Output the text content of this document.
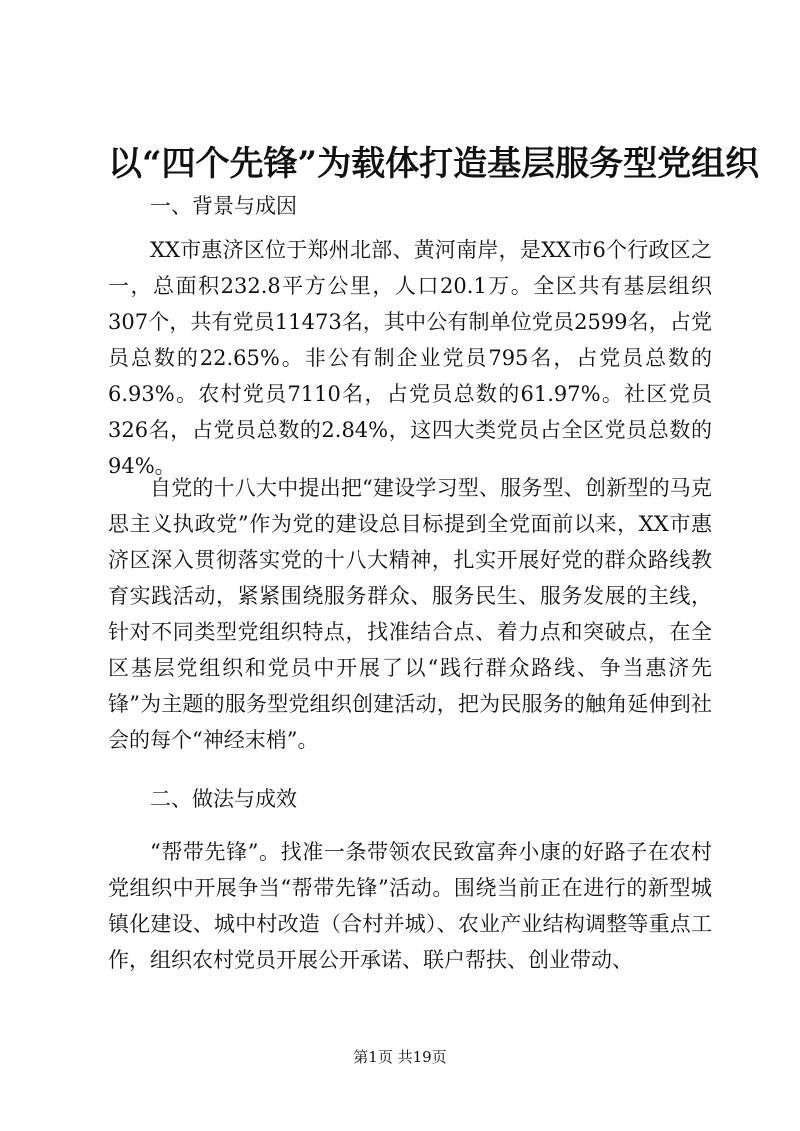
以“四个先锋”为载体打造基层服务型党组织

一、背景与成因

XX市惠济区位于郑州北部、黄河南岸，是XX市6个行政区之一，总面积232.8平方公里，人口20.1万。全区共有基层组织307个，共有党员11473名，其中公有制单位党员2599名，占党员总数的22.65%。非公有制企业党员795名，占党员总数的6.93%。农村党员7110名，占党员总数的61.97%。社区党员326名，占党员总数的2.84%，这四大类党员占全区党员总数的94%。

自党的十八大中提出把“建设学习型、服务型、创新型的马克思主义执政党”作为党的建设总目标提到全党面前以来，XX市惠济区深入贯彻落实党的十八大精神，扎实开展好党的群众路线教育实践活动，紧紧围绕服务群众、服务民生、服务发展的主线，针对不同类型党组织特点，找准结合点、着力点和突破点，在全区基层党组织和党员中开展了以“践行群众路线、争当惠济先锋”为主题的服务型党组织创建活动，把为民服务的触角延伸到社会的每个“神经末梢”。

二、做法与成效

“帮带先锋”。找准一条带领农民致富奔小康的好路子在农村党组织中开展争当“帮带先锋”活动。围绕当前正在进行的新型城镇化建设、城中村改造（合村并城）、农业产业结构调整等重点工作，组织农村党员开展公开承诺、联户帮扶、创业带动、

第1页 共19页
